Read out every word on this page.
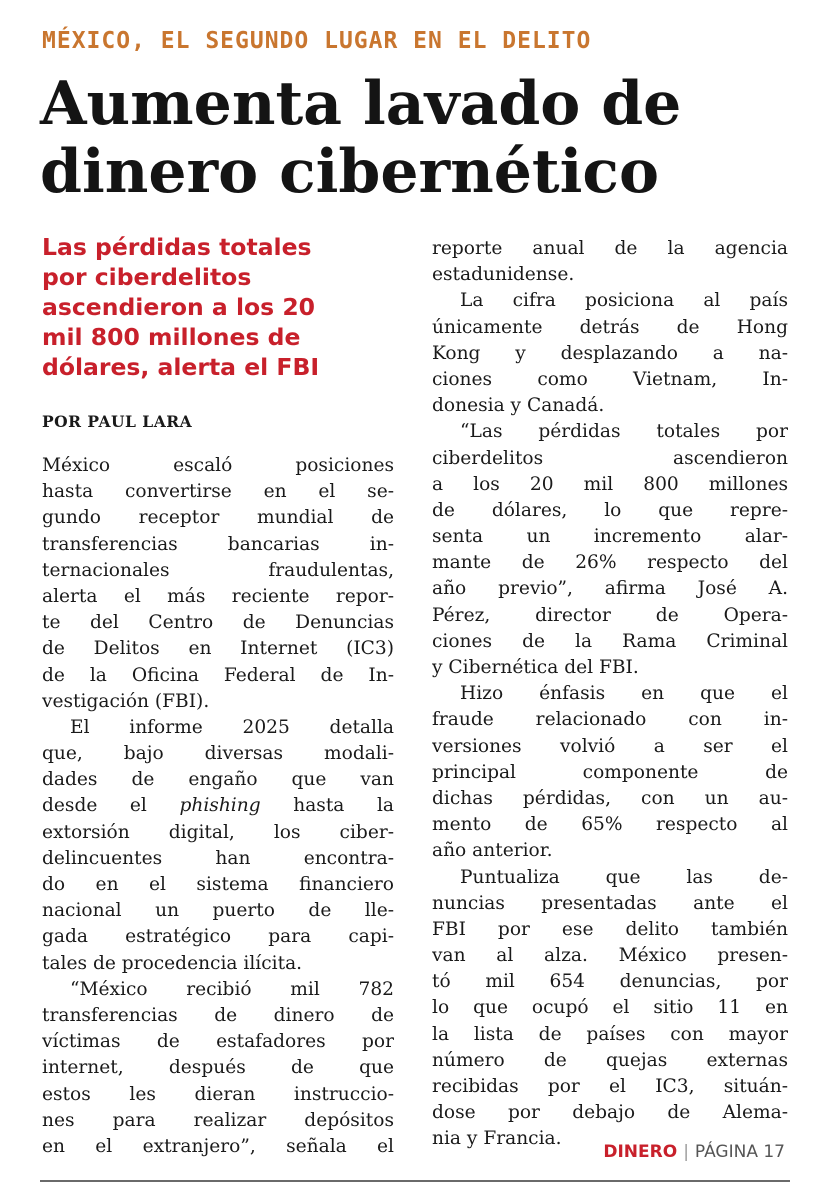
MÉXICO, EL SEGUNDO LUGAR EN EL DELITO
Aumenta lavado de
dinero cibernético
Las pérdidas totales
por ciberdelitos
ascendieron a los 20
mil 800 millones de
dólares, alerta el FBI
POR PAUL LARA
México escaló posiciones
hasta convertirse en el se-
gundo receptor mundial de
transferencias bancarias in-
ternacionales fraudulentas,
alerta el más reciente repor-
te del Centro de Denuncias
de Delitos en Internet (IC3)
de la Oficina Federal de In-
vestigación (FBI).
El informe 2025 detalla
que, bajo diversas modali-
dades de engaño que van
desde el phishing hasta la
extorsión digital, los ciber-
delincuentes han encontra-
do en el sistema financiero
nacional un puerto de lle-
gada estratégico para capi-
tales de procedencia ilícita.
“México recibió mil 782
transferencias de dinero de
víctimas de estafadores por
internet, después de que
estos les dieran instruccio-
nes para realizar depósitos
en el extranjero”, señala el
reporte anual de la agencia
estadunidense.
La cifra posiciona al país
únicamente detrás de Hong
Kong y desplazando a na-
ciones como Vietnam, In-
donesia y Canadá.
“Las pérdidas totales por
ciberdelitos ascendieron
a los 20 mil 800 millones
de dólares, lo que repre-
senta un incremento alar-
mante de 26% respecto del
año previo”, afirma José A.
Pérez, director de Opera-
ciones de la Rama Criminal
y Cibernética del FBI.
Hizo énfasis en que el
fraude relacionado con in-
versiones volvió a ser el
principal componente de
dichas pérdidas, con un au-
mento de 65% respecto al
año anterior.
Puntualiza que las de-
nuncias presentadas ante el
FBI por ese delito también
van al alza. México presen-
tó mil 654 denuncias, por
lo que ocupó el sitio 11 en
la lista de países con mayor
número de quejas externas
recibidas por el IC3, situán-
dose por debajo de Alema-
nia y Francia.
DINERO | PÁGINA 17
